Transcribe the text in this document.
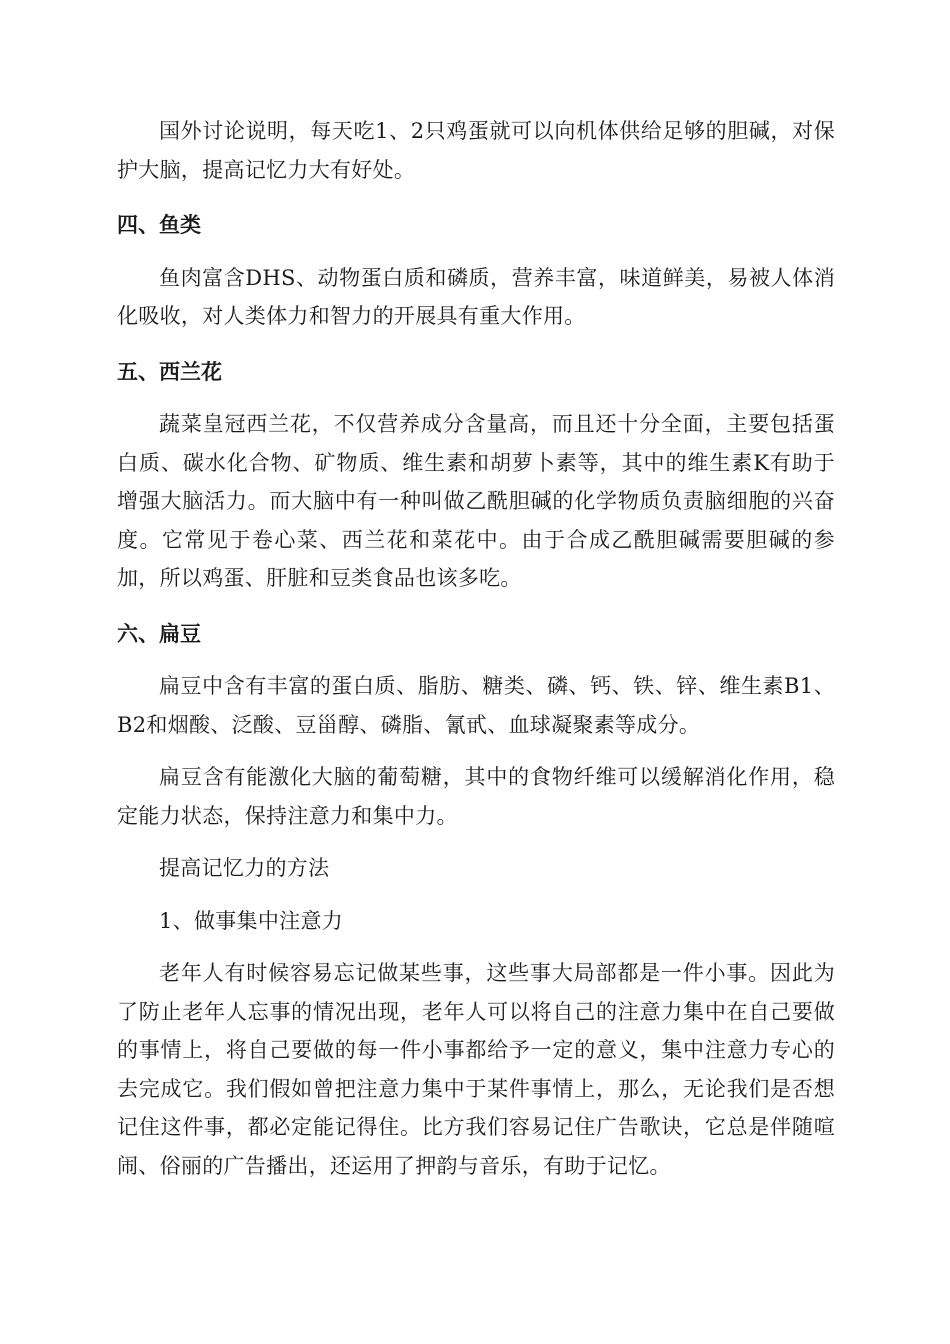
国外讨论说明，每天吃1、2只鸡蛋就可以向机体供给足够的胆碱，对保护大脑，提高记忆力大有好处。

四、鱼类

鱼肉富含DHS、动物蛋白质和磷质，营养丰富，味道鲜美，易被人体消化吸收，对人类体力和智力的开展具有重大作用。

五、西兰花

蔬菜皇冠西兰花，不仅营养成分含量高，而且还十分全面，主要包括蛋白质、碳水化合物、矿物质、维生素和胡萝卜素等，其中的维生素K有助于增强大脑活力。而大脑中有一种叫做乙酰胆碱的化学物质负责脑细胞的兴奋度。它常见于卷心菜、西兰花和菜花中。由于合成乙酰胆碱需要胆碱的参加，所以鸡蛋、肝脏和豆类食品也该多吃。

六、扁豆

扁豆中含有丰富的蛋白质、脂肪、糖类、磷、钙、铁、锌、维生素B1、B2和烟酸、泛酸、豆甾醇、磷脂、氰甙、血球凝聚素等成分。

扁豆含有能激化大脑的葡萄糖，其中的食物纤维可以缓解消化作用，稳定能力状态，保持注意力和集中力。

提高记忆力的方法

1、做事集中注意力

老年人有时候容易忘记做某些事，这些事大局部都是一件小事。因此为了防止老年人忘事的情况出现，老年人可以将自己的注意力集中在自己要做的事情上，将自己要做的每一件小事都给予一定的意义，集中注意力专心的去完成它。我们假如曾把注意力集中于某件事情上，那么，无论我们是否想记住这件事，都必定能记得住。比方我们容易记住广告歌诀，它总是伴随喧闹、俗丽的广告播出，还运用了押韵与音乐，有助于记忆。
